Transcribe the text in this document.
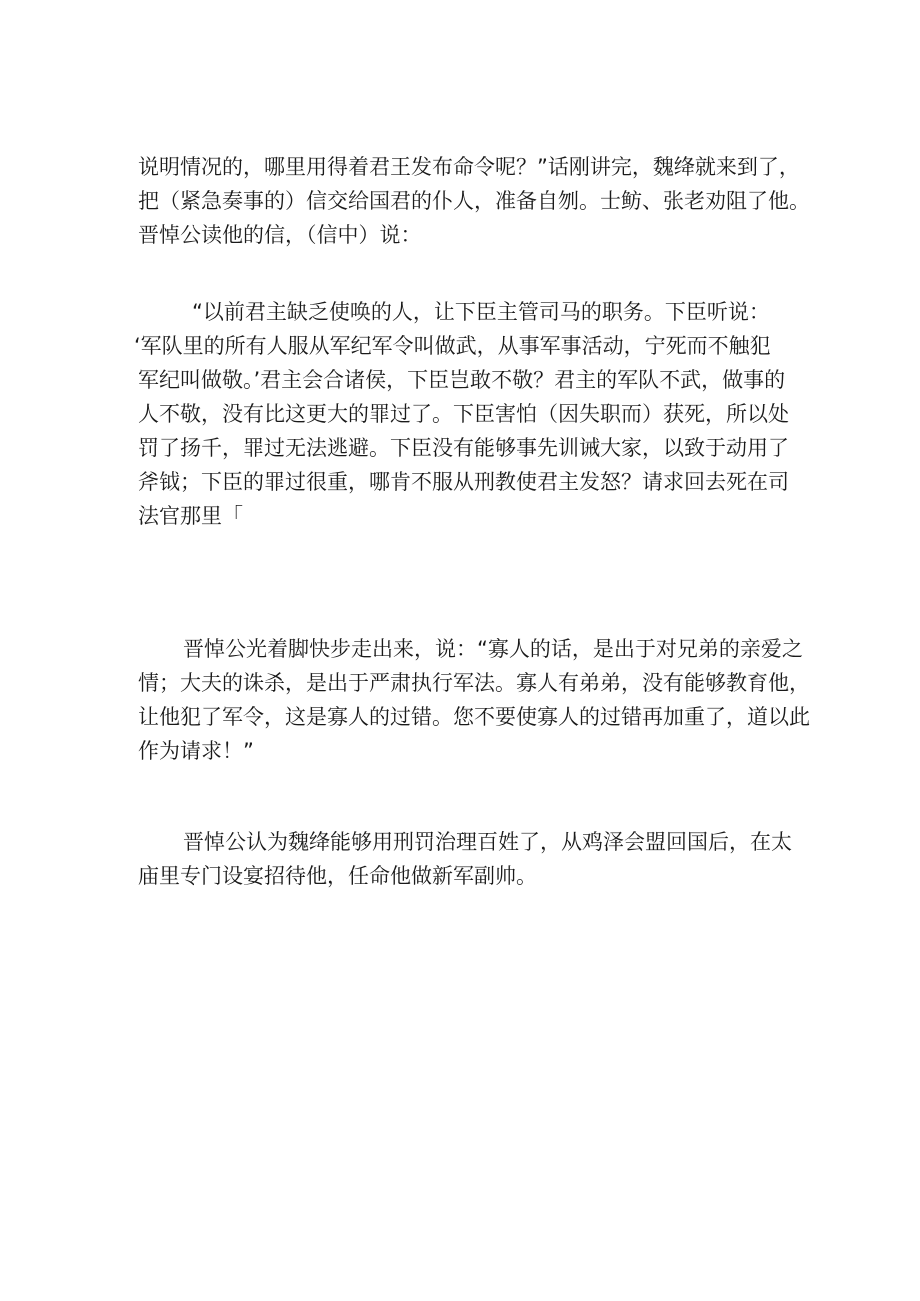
说明情况的，哪里用得着君王发布命令呢？”话刚讲完，魏绛就来到了，
把（紧急奏事的）信交给国君的仆人，准备自刎。士鲂、张老劝阻了他。
晋悼公读他的信，（信中）说：
“以前君主缺乏使唤的人，让下臣主管司马的职务。下臣听说：
‘军队里的所有人服从军纪军令叫做武，从事军事活动，宁死而不触犯
军纪叫做敬。’君主会合诸侯，下臣岂敢不敬？君主的军队不武，做事的
人不敬，没有比这更大的罪过了。下臣害怕（因失职而）获死，所以处
罚了扬千，罪过无法逃避。下臣没有能够事先训诫大家，以致于动用了
斧钺；下臣的罪过很重，哪肯不服从刑教使君主发怒？请求回去死在司
法官那里「
晋悼公光着脚快步走出来，说：“寡人的话，是出于对兄弟的亲爱之
情；大夫的诛杀，是出于严肃执行军法。寡人有弟弟，没有能够教育他，
让他犯了军令，这是寡人的过错。您不要使寡人的过错再加重了，道以此
作为请求！”
晋悼公认为魏绛能够用刑罚治理百姓了，从鸡泽会盟回国后，在太
庙里专门设宴招待他，任命他做新军副帅。
